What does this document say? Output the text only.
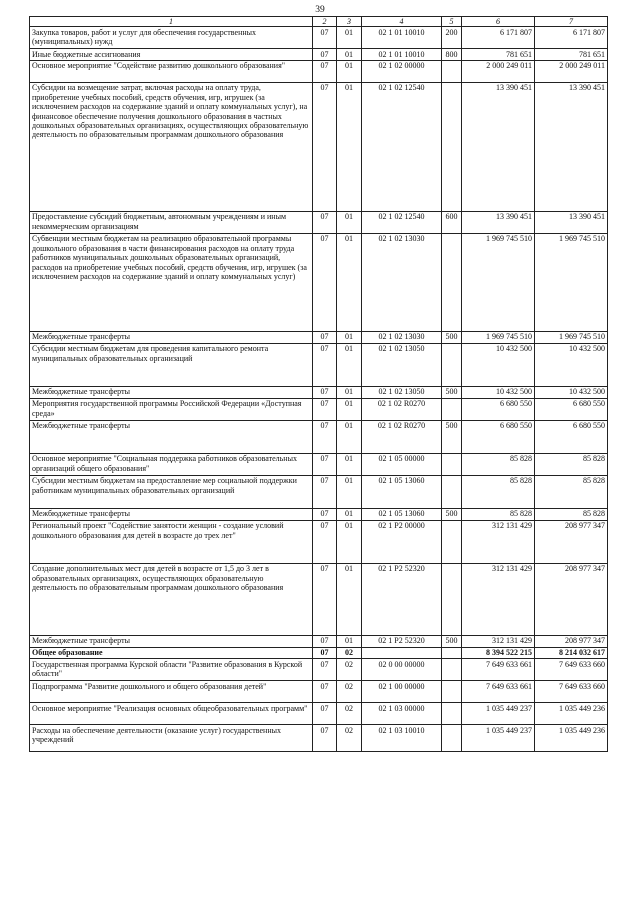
39
1	2	3	4	5	6	7
Закупка товаров, работ и услуг для обеспечения государственных (муниципальных) нужд	07	01	02 1 01 10010	200	6 171 807	6 171 807
Иные бюджетные ассигнования	07	01	02 1 01 10010	800	781 651	781 651
Основное мероприятие "Содействие развитию дошкольного образования"	07	01	02 1 02 00000		2 000 249 011	2 000 249 011
Субсидии на возмещение затрат, включая расходы на оплату труда, приобретение учебных пособий, средств обучения, игр, игрушек (за исключением расходов на содержание зданий и оплату коммунальных услуг), на финансовое обеспечение получения дошкольного образования в частных дошкольных образовательных организациях, осуществляющих образовательную деятельность по образовательным программам дошкольного образования	07	01	02 1 02 12540		13 390 451	13 390 451
Предоставление субсидий бюджетным, автономным учреждениям и иным некоммерческим организациям	07	01	02 1 02 12540	600	13 390 451	13 390 451
Субвенции местным бюджетам на реализацию образовательной программы дошкольного образования в части финансирования расходов на оплату труда работников муниципальных дошкольных образовательных организаций, расходов на приобретение учебных пособий, средств обучения, игр, игрушек (за исключением расходов на содержание зданий и оплату коммунальных услуг)	07	01	02 1 02 13030		1 969 745 510	1 969 745 510
Межбюджетные трансферты	07	01	02 1 02 13030	500	1 969 745 510	1 969 745 510
Субсидии местным бюджетам для проведения капитального ремонта муниципальных образовательных организаций	07	01	02 1 02 13050		10 432 500	10 432 500
Межбюджетные трансферты	07	01	02 1 02 13050	500	10 432 500	10 432 500
Мероприятия государственной программы Российской Федерации «Доступная среда»	07	01	02 1 02 R0270		6 680 550	6 680 550
Межбюджетные трансферты	07	01	02 1 02 R0270	500	6 680 550	6 680 550
Основное мероприятие "Социальная поддержка работников образовательных организаций общего образования"	07	01	02 1 05 00000		85 828	85 828
Субсидии местным бюджетам на предоставление мер социальной поддержки работникам муниципальных образовательных организаций	07	01	02 1 05 13060		85 828	85 828
Межбюджетные трансферты	07	01	02 1 05 13060	500	85 828	85 828
Региональный проект "Содействие занятости женщин - создание условий дошкольного образования для детей в возрасте до трех лет"	07	01	02 1 P2 00000		312 131 429	208 977 347
Создание дополнительных мест для детей в возрасте от 1,5 до 3 лет в образовательных организациях, осуществляющих образовательную деятельность по образовательным программам дошкольного образования	07	01	02 1 P2 52320		312 131 429	208 977 347
Межбюджетные трансферты	07	01	02 1 P2 52320	500	312 131 429	208 977 347
Общее образование	07	02			8 394 522 215	8 214 032 617
Государственная программа Курской области "Развитие образования в Курской области"	07	02	02 0 00 00000		7 649 633 661	7 649 633 660
Подпрограмма "Развитие дошкольного и общего образования детей"	07	02	02 1 00 00000		7 649 633 661	7 649 633 660
Основное мероприятие "Реализация основных общеобразовательных программ"	07	02	02 1 03 00000		1 035 449 237	1 035 449 236
Расходы на обеспечение деятельности (оказание услуг) государственных учреждений	07	02	02 1 03 10010		1 035 449 237	1 035 449 236
